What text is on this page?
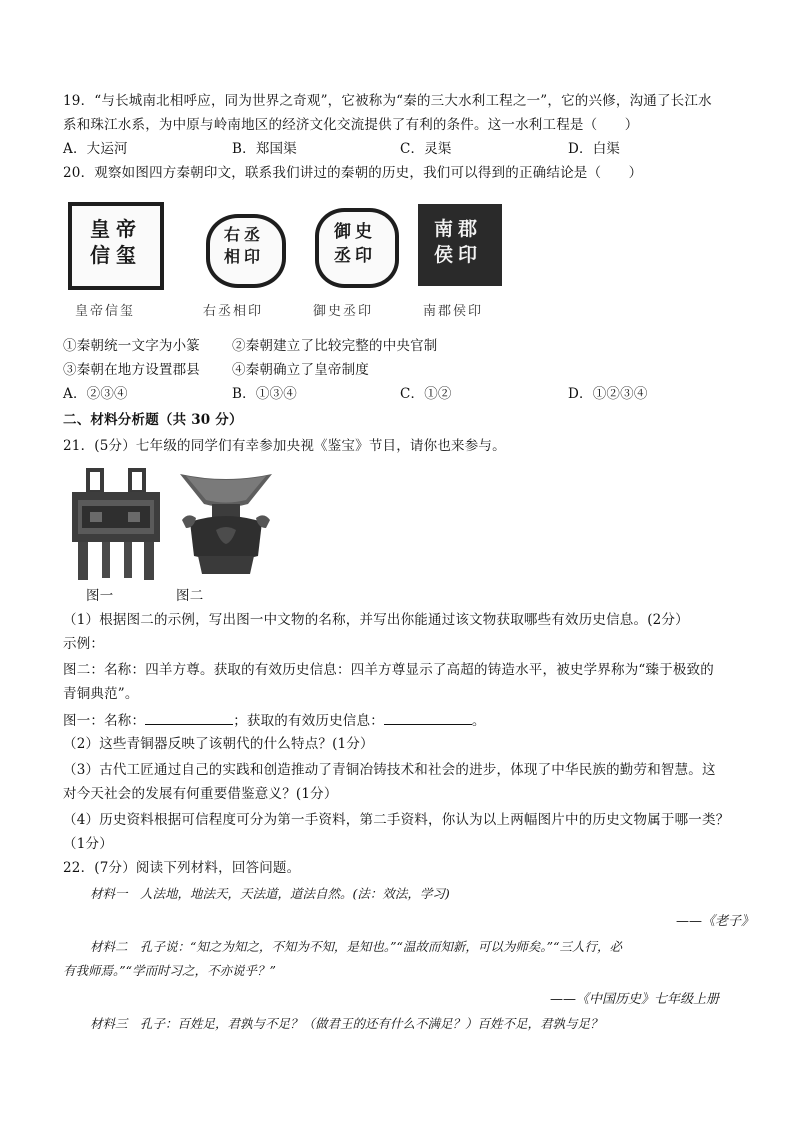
19．“与长城南北相呼应，同为世界之奇观”，它被称为“秦的三大水利工程之一”，它的兴修，沟通了长江水
系和珠江水系，为中原与岭南地区的经济文化交流提供了有利的条件。这一水利工程是（　　）
A．大运河	B．郑国渠	C．灵渠	D．白渠
20．观察如图四方秦朝印文，联系我们讲过的秦朝的历史，我们可以得到的正确结论是（　　）
皇帝
信玺
右丞
相印
御史
丞印
南郡
侯印
皇帝信玺	右丞相印	御史丞印	南郡侯印
①秦朝统一文字为小篆 ②秦朝建立了比较完整的中央官制
③秦朝在地方设置郡县 ④秦朝确立了皇帝制度
A．②③④	B．①③④	C．①②	D．①②③④
二、材料分析题（共 30 分）
21．(5分）七年级的同学们有幸参加央视《鉴宝》节目，请你也来参与。
图一	图二
（1）根据图二的示例，写出图一中文物的名称，并写出你能通过该文物获取哪些有效历史信息。(2分）
示例：
图二：名称：四羊方尊。获取的有效历史信息：四羊方尊显示了高超的铸造水平，被史学界称为“臻于极致的
青铜典范”。
图一：名称：	；获取的有效历史信息：	。
（2）这些青铜器反映了该朝代的什么特点？(1分）
（3）古代工匠通过自己的实践和创造推动了青铜冶铸技术和社会的进步，体现了中华民族的勤劳和智慧。这
对今天社会的发展有何重要借鉴意义？(1分）
（4）历史资料根据可信程度可分为第一手资料，第二手资料，你认为以上两幅图片中的历史文物属于哪一类？
（1分）
22．(7分）阅读下列材料，回答问题。
材料一　人法地，地法天，天法道，道法自然。(法：效法，学习)
——《老子》
材料二　孔子说：“知之为知之，不知为不知，是知也。”“温故而知新，可以为师矣。”“三人行，必
有我师焉。”“学而时习之，不亦说乎？”
——《中国历史》七年级上册
材料三　孔子：百姓足，君孰与不足？（做君王的还有什么不满足？）百姓不足，君孰与足？
